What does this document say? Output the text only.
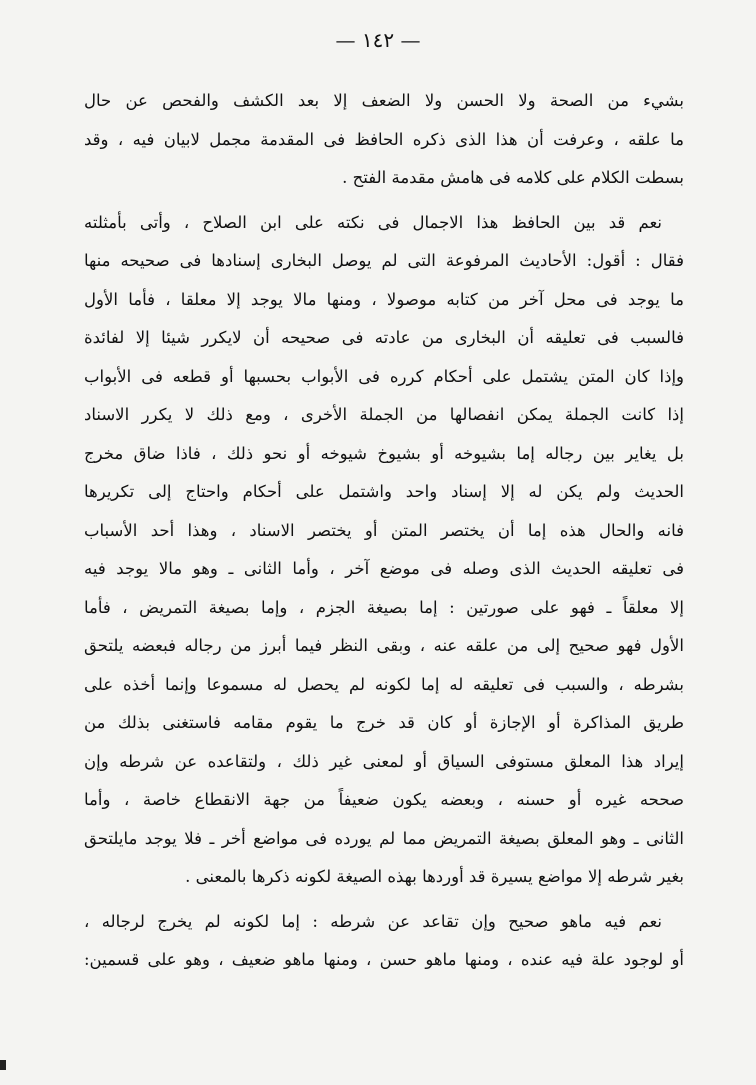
— ١٤٢ —
بشيء من الصحة ولا الحسن ولا الضعف إلا بعد الكشف والفحص عن حال
ما علقه ، وعرفت أن هذا الذى ذكره الحافظ فى المقدمة مجمل لابيان فيه ، وقد
بسطت الكلام على كلامه فى هامش مقدمة الفتح .
نعم قد بين الحافظ هذا الاجمال فى نكته على ابن الصلاح ، وأتى بأمثلته
فقال : أقول: الأحاديث المرفوعة التى لم يوصل البخارى إسنادها فى صحيحه منها
ما يوجد فى محل آخر من كتابه موصولا ، ومنها مالا يوجد إلا معلقا ، فأما الأول
فالسبب فى تعليقه أن البخارى من عادته فى صحيحه أن لايكرر شيئا إلا لفائدة
وإذا كان المتن يشتمل على أحكام كرره فى الأبواب بحسبها أو قطعه فى الأبواب
إذا كانت الجملة يمكن انفصالها من الجملة الأخرى ، ومع ذلك لا يكرر الاسناد
بل يغاير بين رجاله إما بشيوخه أو بشيوخ شيوخه أو نحو ذلك ، فاذا ضاق مخرج
الحديث ولم يكن له إلا إسناد واحد واشتمل على أحكام واحتاج إلى تكريرها
فانه والحال هذه إما أن يختصر المتن أو يختصر الاسناد ، وهذا أحد الأسباب
فى تعليقه الحديث الذى وصله فى موضع آخر ، وأما الثانى ـ وهو مالا يوجد فيه
إلا معلقاً ـ فهو على صورتين : إما بصيغة الجزم ، وإما بصيغة التمريض ، فأما
الأول فهو صحيح إلى من علقه عنه ، وبقى النظر فيما أبرز من رجاله فبعضه يلتحق
بشرطه ، والسبب فى تعليقه له إما لكونه لم يحصل له مسموعا وإنما أخذه على
طريق المذاكرة أو الإجازة أو كان قد خرج ما يقوم مقامه فاستغنى بذلك من
إيراد هذا المعلق مستوفى السياق أو لمعنى غير ذلك ، ولتقاعده عن شرطه وإن
صححه غيره أو حسنه ، وبعضه يكون ضعيفاً من جهة الانقطاع خاصة ، وأما
الثانى ـ وهو المعلق بصيغة التمريض مما لم يورده فى مواضع أخر ـ فلا يوجد مايلتحق
بغير شرطه إلا مواضع يسيرة قد أوردها بهذه الصيغة لكونه ذكرها بالمعنى .
نعم فيه ماهو صحيح وإن تقاعد عن شرطه : إما لكونه لم يخرج لرجاله ،
أو لوجود علة فيه عنده ، ومنها ماهو حسن ، ومنها ماهو ضعيف ، وهو على قسمين:
